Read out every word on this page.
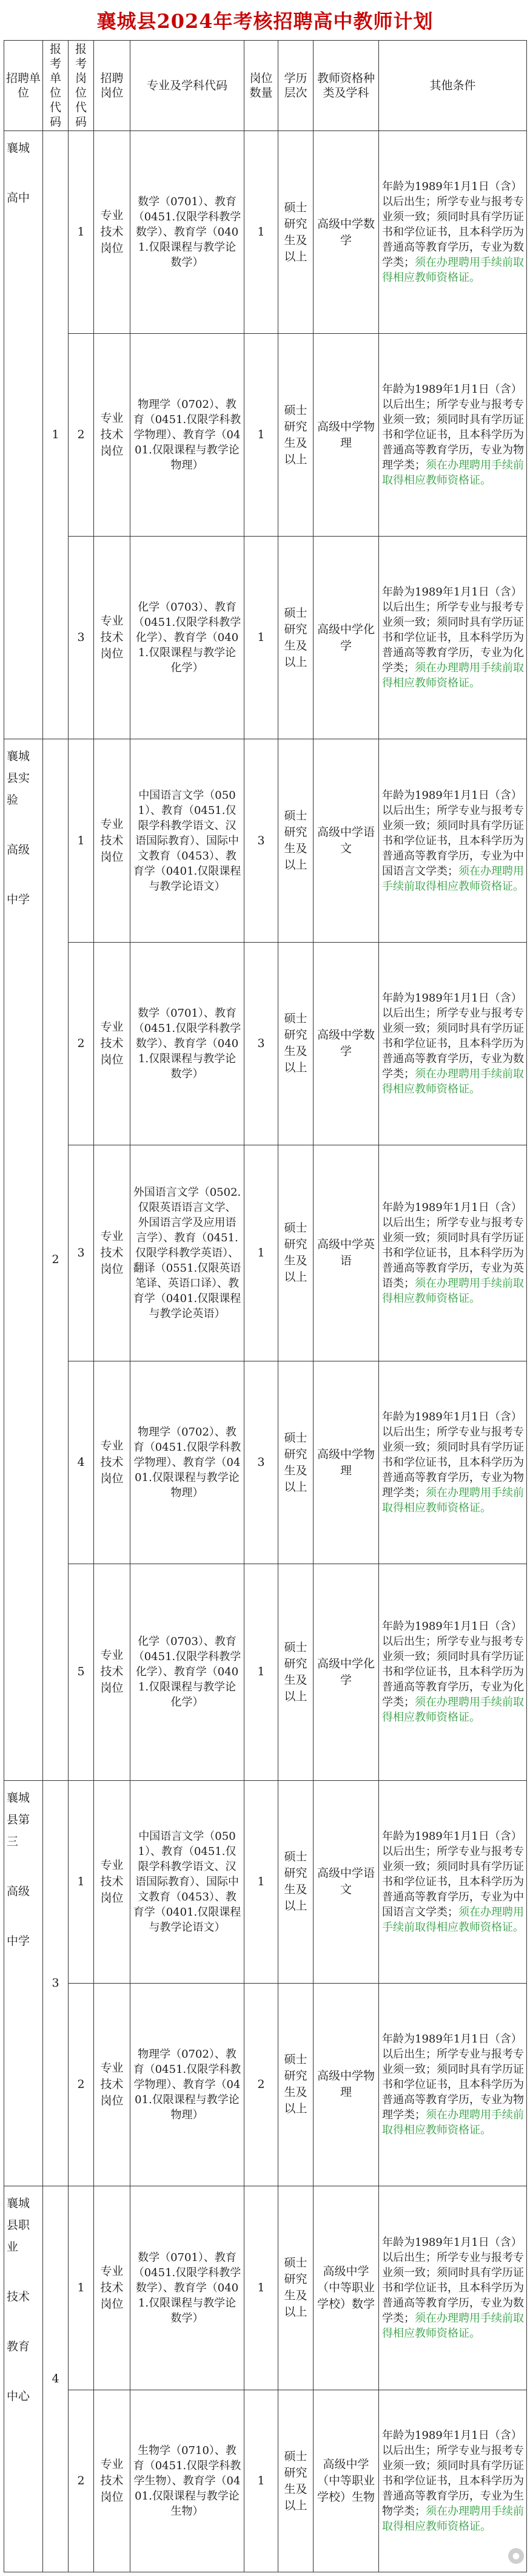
襄城县2024年考核招聘高中教师计划
招聘单位	报考单位代码	报考岗位代码	招聘岗位	专业及学科代码	岗位数量	学历层次	教师资格种类及学科	其他条件

襄城
高中	1	1	专业技术岗位	数学（0701）、教育（0451.仅限学科教学数学）、教育学（0401.仅限课程与教学论数学）	1	硕士研究生及以上	高级中学数学	年龄为1989年1月1日（含）以后出生；所学专业与报考专业须一致；须同时具有学历证书和学位证书，且本科学历为普通高等教育学历，专业为数学类；须在办理聘用手续前取得相应教师资格证。
		2	专业技术岗位	物理学（0702）、教育（0451.仅限学科教学物理）、教育学（0401.仅限课程与教学论物理）	1	硕士研究生及以上	高级中学物理	年龄为1989年1月1日（含）以后出生；所学专业与报考专业须一致；须同时具有学历证书和学位证书，且本科学历为普通高等教育学历，专业为物理学类；须在办理聘用手续前取得相应教师资格证。
		3	专业技术岗位	化学（0703）、教育（0451.仅限学科教学化学）、教育学（0401.仅限课程与教学论化学）	1	硕士研究生及以上	高级中学化学	年龄为1989年1月1日（含）以后出生；所学专业与报考专业须一致；须同时具有学历证书和学位证书，且本科学历为普通高等教育学历，专业为化学类；须在办理聘用手续前取得相应教师资格证。

襄城县实验
高级
中学	2	1	专业技术岗位	中国语言文学（0501）、教育（0451.仅限学科教学语文、汉语国际教育）、国际中文教育（0453）、教育学（0401.仅限课程与教学论语文）	3	硕士研究生及以上	高级中学语文	年龄为1989年1月1日（含）以后出生；所学专业与报考专业须一致；须同时具有学历证书和学位证书，且本科学历为普通高等教育学历，专业为中国语言文学类；须在办理聘用手续前取得相应教师资格证。
		2	专业技术岗位	数学（0701）、教育（0451.仅限学科教学数学）、教育学（0401.仅限课程与教学论数学）	3	硕士研究生及以上	高级中学数学	年龄为1989年1月1日（含）以后出生；所学专业与报考专业须一致；须同时具有学历证书和学位证书，且本科学历为普通高等教育学历，专业为数学类；须在办理聘用手续前取得相应教师资格证。
		3	专业技术岗位	外国语言文学（0502.仅限英语语言文学、外国语言学及应用语言学）、教育（0451.仅限学科教学英语）、翻译（0551.仅限英语笔译、英语口译）、教育学（0401.仅限课程与教学论英语）	1	硕士研究生及以上	高级中学英语	年龄为1989年1月1日（含）以后出生；所学专业与报考专业须一致；须同时具有学历证书和学位证书，且本科学历为普通高等教育学历，专业为英语类；须在办理聘用手续前取得相应教师资格证。
		4	专业技术岗位	物理学（0702）、教育（0451.仅限学科教学物理）、教育学（0401.仅限课程与教学论物理）	3	硕士研究生及以上	高级中学物理	年龄为1989年1月1日（含）以后出生；所学专业与报考专业须一致；须同时具有学历证书和学位证书，且本科学历为普通高等教育学历，专业为物理学类；须在办理聘用手续前取得相应教师资格证。
		5	专业技术岗位	化学（0703）、教育（0451.仅限学科教学化学）、教育学（0401.仅限课程与教学论化学）	1	硕士研究生及以上	高级中学化学	年龄为1989年1月1日（含）以后出生；所学专业与报考专业须一致；须同时具有学历证书和学位证书，且本科学历为普通高等教育学历，专业为化学类；须在办理聘用手续前取得相应教师资格证。

襄城县第三
高级
中学	3	1	专业技术岗位	中国语言文学（0501）、教育（0451.仅限学科教学语文、汉语国际教育）、国际中文教育（0453）、教育学（0401.仅限课程与教学论语文）	1	硕士研究生及以上	高级中学语文	年龄为1989年1月1日（含）以后出生；所学专业与报考专业须一致；须同时具有学历证书和学位证书，且本科学历为普通高等教育学历，专业为中国语言文学类；须在办理聘用手续前取得相应教师资格证。
		2	专业技术岗位	物理学（0702）、教育（0451.仅限学科教学物理）、教育学（0401.仅限课程与教学论物理）	2	硕士研究生及以上	高级中学物理	年龄为1989年1月1日（含）以后出生；所学专业与报考专业须一致；须同时具有学历证书和学位证书，且本科学历为普通高等教育学历，专业为物理学类；须在办理聘用手续前取得相应教师资格证。

襄城县职业
技术
教育
中心	4	1	专业技术岗位	数学（0701）、教育（0451.仅限学科教学数学）、教育学（0401.仅限课程与教学论数学）	1	硕士研究生及以上	高级中学（中等职业学校）数学	年龄为1989年1月1日（含）以后出生；所学专业与报考专业须一致；须同时具有学历证书和学位证书，且本科学历为普通高等教育学历，专业为数学类；须在办理聘用手续前取得相应教师资格证。
		2	专业技术岗位	生物学（0710）、教育（0451.仅限学科教学生物）、教育学（0401.仅限课程与教学论生物）	1	硕士研究生及以上	高级中学（中等职业学校）生物	年龄为1989年1月1日（含）以后出生；所学专业与报考专业须一致；须同时具有学历证书和学位证书，且本科学历为普通高等教育学历，专业为生物学类；须在办理聘用手续前取得相应教师资格证。
●
